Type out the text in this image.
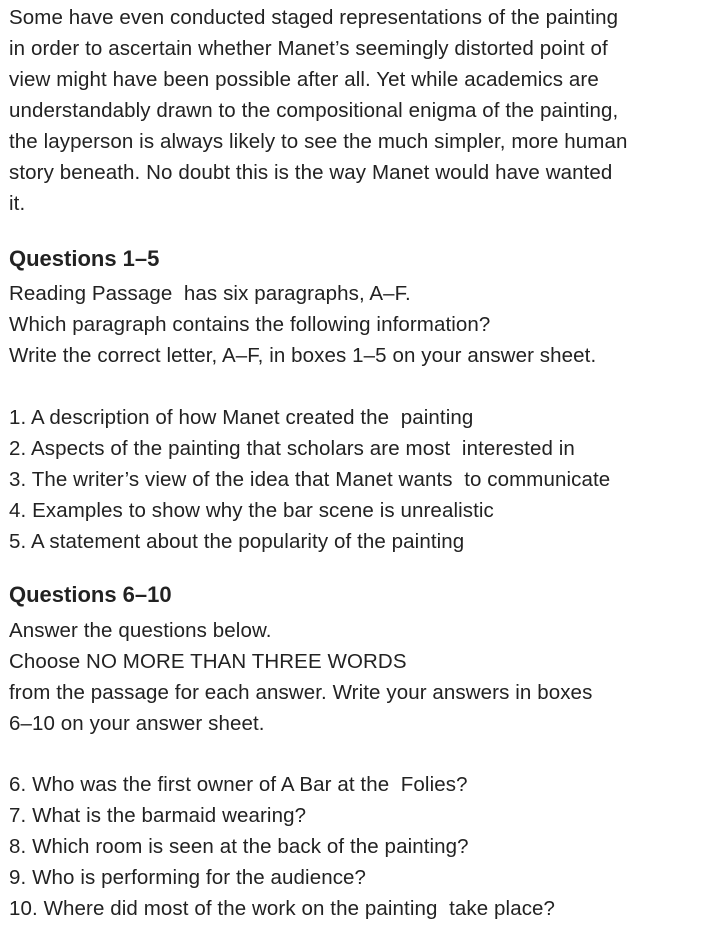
Some have even conducted staged representations of the painting
in order to ascertain whether Manet’s seemingly distorted point of
view might have been possible after all. Yet while academics are
understandably drawn to the compositional enigma of the painting,
the layperson is always likely to see the much simpler, more human
story beneath. No doubt this is the way Manet would have wanted
it.
Questions 1–5
Reading Passage  has six paragraphs, A–F.
Which paragraph contains the following information?
Write the correct letter, A–F, in boxes 1–5 on your answer sheet.
1. A description of how Manet created the  painting
2. Aspects of the painting that scholars are most  interested in
3. The writer’s view of the idea that Manet wants  to communicate
4. Examples to show why the bar scene is unrealistic
5. A statement about the popularity of the painting
Questions 6–10
Answer the questions below.
Choose NO MORE THAN THREE WORDS
from the passage for each answer. Write your answers in boxes
6–10 on your answer sheet.
6. Who was the first owner of A Bar at the  Folies?
7. What is the barmaid wearing?
8. Which room is seen at the back of the painting?
9. Who is performing for the audience?
10. Where did most of the work on the painting  take place?
